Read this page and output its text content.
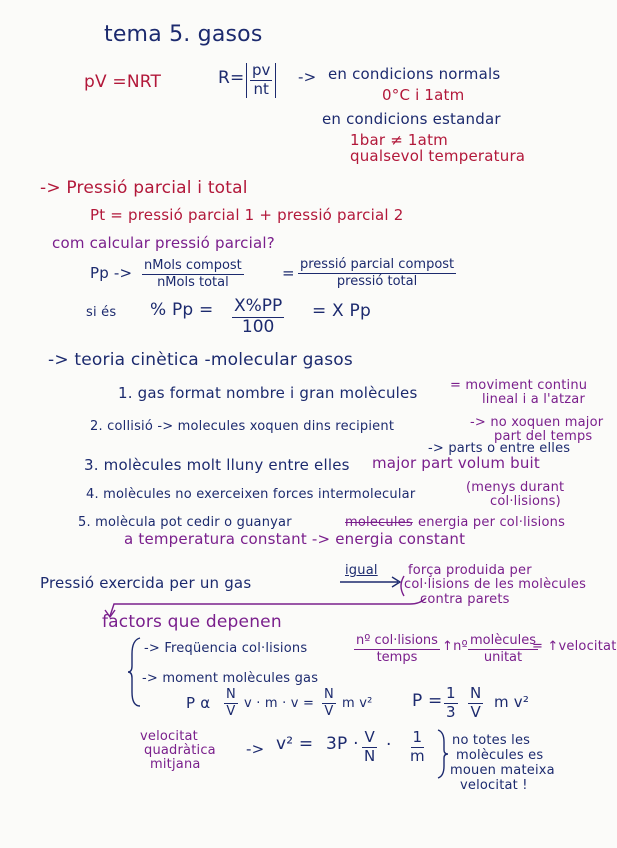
tema 5. gasos
pV =NRT	$R= \frac{pv}{nt}$ -> en condicions normals
0°C i 1atm
en condicions estandar
1bar ≠ 1atm
qualsevol temperatura
-> Pressió parcial i total
Pt = pressió parcial 1 + pressió parcial 2
com calcular pressió parcial?
Pp -> nMols compost
nMols total
= pressió parcial compost
pressió total
si és % $Pp = \frac{X\%PP}{100} = X$ Pp
-> teoria cinètica -molecular gasos
1. gas format nombre i gran molècules	= moviment continu
lineal i a l'atzar
2. collisió -> molecules xoquen dins recipient	-> no xoquen major
part del temps
-> parts o entre elles
3. molècules molt lluny entre elles major part volum buit
4. molècules no exerceixen forces intermolecular	(menys durant
col·lisions)
5. molècula pot cedir o guanyar	molecules energia per col·lisions
a temperatura constant -> energia constant
Pressió exercida per un gas
igual força produida per
col·lisions de les molècules
contra parets
factors que depenen
-> Freqüencia col·lisions
nº col·lisions
temps
↑nº molècules
unitat
= ↑velocitat
-> moment molècules gas
P α $\frac{N}{V}$ $v \cdot m \cdot v = \frac{N}{V}$ m v² $P = \frac{1}{3} \frac{N}{V}$ m v²
velocitat
quadràtica
mitjana
-> $v^2 = 3P \cdot \frac{V}{N} \cdot \frac{1}{m}$ no totes les
molècules es
mouen mateixa
velocitat !
